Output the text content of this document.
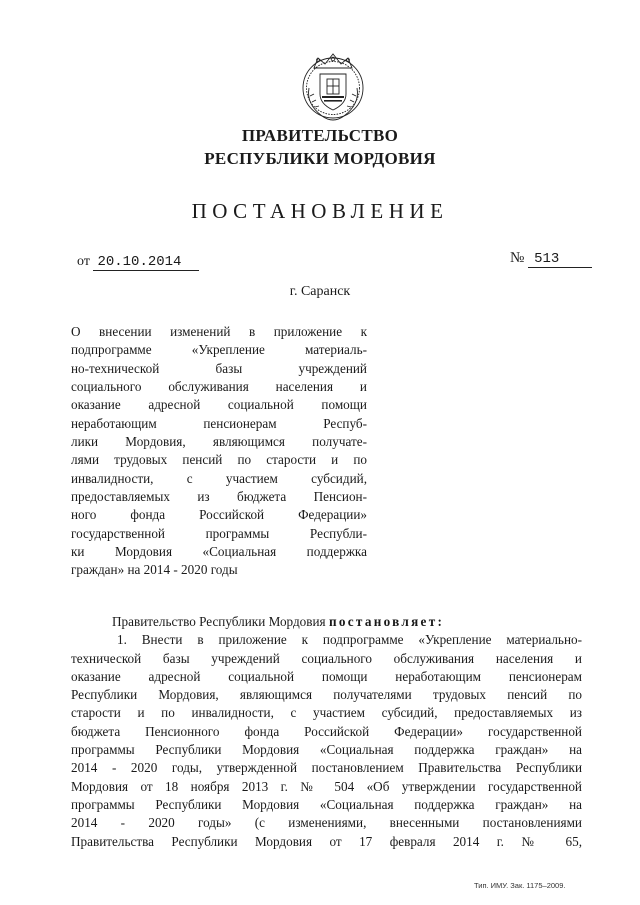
ПРАВИТЕЛЬСТВО
РЕСПУБЛИКИ МОРДОВИЯ
ПОСТАНОВЛЕНИЕ
от 20.10.2014	№ 513
г. Саранск
О внесении изменений в приложение к
подпрограмме «Укрепление материаль-
но-технической базы учреждений
социального обслуживания населения и
оказание адресной социальной помощи
неработающим пенсионерам Респуб-
лики Мордовия, являющимся получате-
лями трудовых пенсий по старости и по
инвалидности, с участием субсидий,
предоставляемых из бюджета Пенсион-
ного фонда Российской Федерации»
государственной программы Республи-
ки Мордовия «Социальная поддержка
граждан» на 2014 - 2020 годы
Правительство Республики Мордовия постановляет:
1. Внести в приложение к подпрограмме «Укрепление материально-
технической базы учреждений социального обслуживания населения и
оказание адресной социальной помощи неработающим пенсионерам
Республики Мордовия, являющимся получателями трудовых пенсий по
старости и по инвалидности, с участием субсидий, предоставляемых из
бюджета Пенсионного фонда Российской Федерации» государственной
программы Республики Мордовия «Социальная поддержка граждан» на
2014 - 2020 годы, утвержденной постановлением Правительства Республики
Мордовия от 18 ноября 2013 г. № 504 «Об утверждении государственной
программы Республики Мордовия «Социальная поддержка граждан» на
2014 - 2020 годы» (с изменениями, внесенными постановлениями
Правительства Республики Мордовия от 17 февраля 2014 г. № 65,
Тип. ИМУ. Зак. 1175–2009.
